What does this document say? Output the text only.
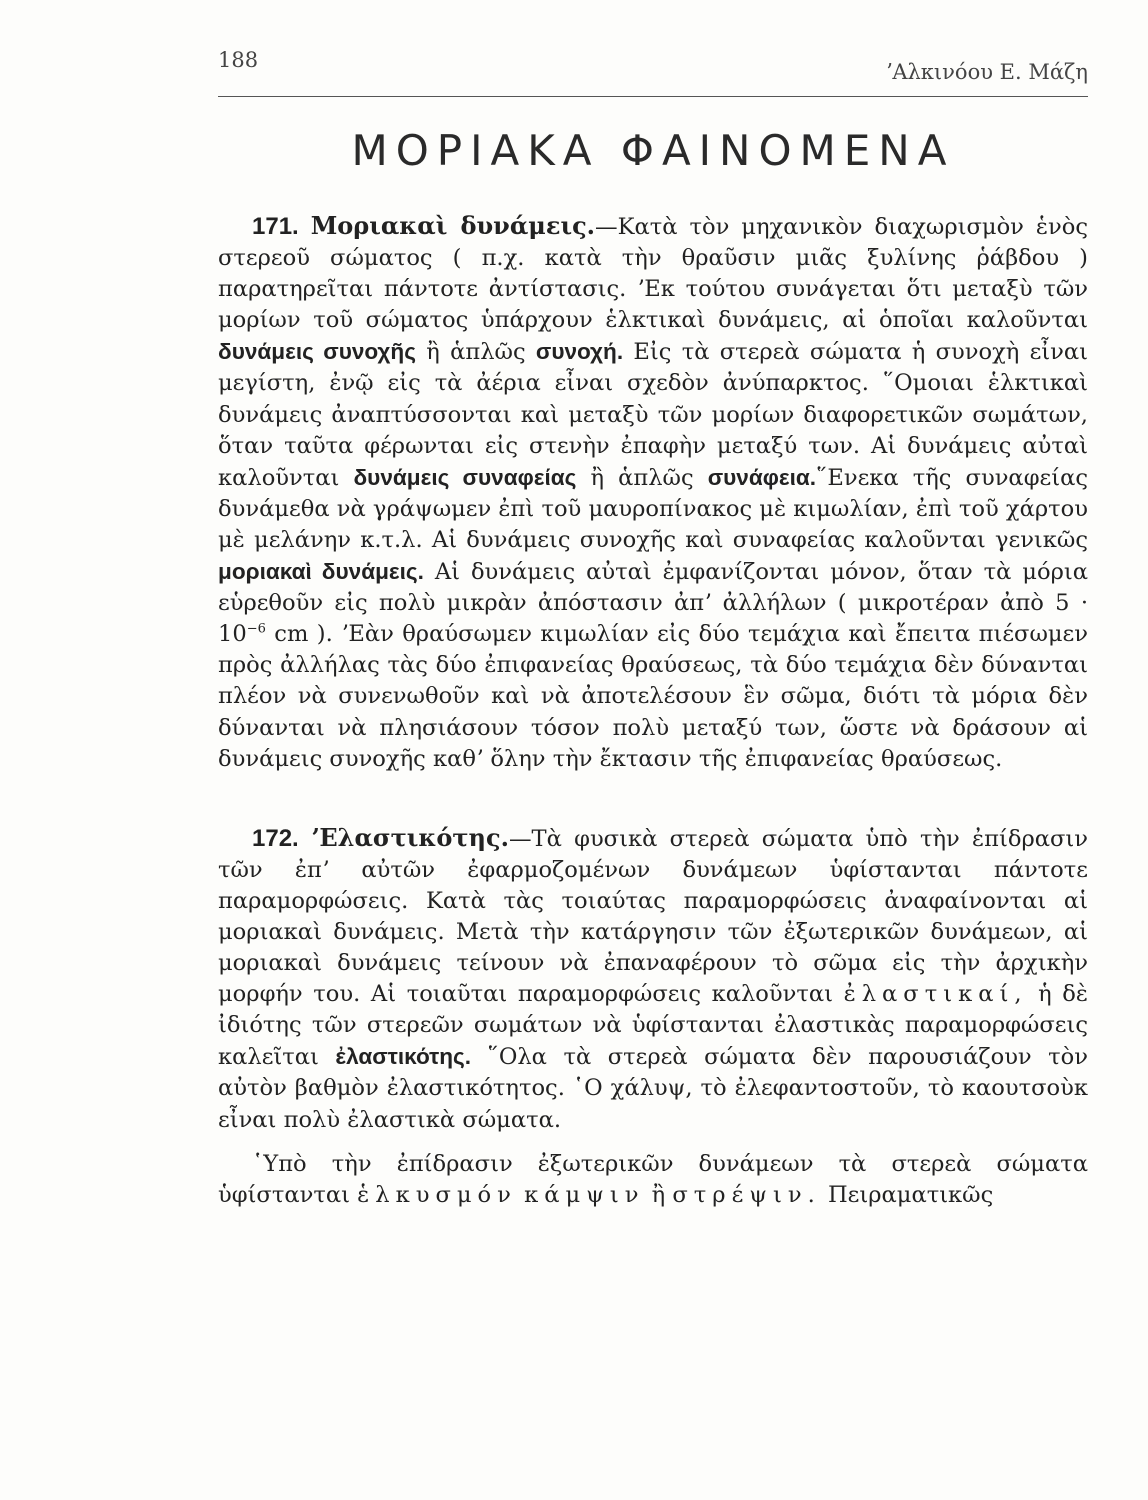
188	ʼΑλκινόου Ε. Μάζη
ΜΟΡΙΑΚΑ ΦΑΙΝΟΜΕΝΑ

171. Μοριακαὶ δυνάμεις.—Κατὰ τὸν μηχανικὸν διαχωρισμὸν ἑνὸς στερεοῦ σώματος ( π.χ. κατὰ τὴν θραῦσιν μιᾶς ξυλίνης ῥάβδου ) παρατηρεῖται πάντοτε ἀντίστασις. ʼΕκ τούτου συνάγεται ὅτι μεταξὺ τῶν μορίων τοῦ σώματος ὑπάρχουν ἑλκτικαὶ δυνάμεις, αἱ ὁποῖαι καλοῦνται δυνάμεις συνοχῆς ἢ ἁπλῶς συνοχή. Εἰς τὰ στερεὰ σώματα ἡ συνοχὴ εἶναι μεγίστη, ἐνῷ εἰς τὰ ἀέρια εἶναι σχεδὸν ἀνύπαρκτος. ῞Ομοιαι ἑλκτικαὶ δυνάμεις ἀναπτύσσονται καὶ μεταξὺ τῶν μορίων διαφορετικῶν σωμάτων, ὅταν ταῦτα φέρωνται εἰς στενὴν ἐπαφὴν μεταξύ των. Αἱ δυνάμεις αὐταὶ καλοῦνται δυνάμεις συναφείας ἢ ἁπλῶς συνάφεια.῞Ενεκα τῆς συναφείας δυνάμεθα νὰ γράψωμεν ἐπὶ τοῦ μαυροπίνακος μὲ κιμωλίαν, ἐπὶ τοῦ χάρτου μὲ μελάνην κ.τ.λ. Αἱ δυνάμεις συνοχῆς καὶ συναφείας καλοῦνται γενικῶς μοριακαὶ δυνάμεις. Αἱ δυνάμεις αὐταὶ ἐμφανίζονται μόνον, ὅταν τὰ μόρια εὑρεθοῦν εἰς πολὺ μικρὰν ἀπόστασιν ἀπʼ ἀλλήλων ( μικροτέραν ἀπὸ $5 \cdot 10^{-6}$ cm ). ʼΕὰν θραύσωμεν κιμωλίαν εἰς δύο τεμάχια καὶ ἔπειτα πιέσωμεν πρὸς ἀλλήλας τὰς δύο ἐπιφανείας θραύσεως, τὰ δύο τεμάχια δὲν δύνανται πλέον νὰ συνενωθοῦν καὶ νὰ ἀποτελέσουν ἓν σῶμα, διότι τὰ μόρια δὲν δύνανται νὰ πλησιάσουν τόσον πολὺ μεταξύ των, ὥστε νὰ δράσουν αἱ δυνάμεις συνοχῆς καθʼ ὅλην τὴν ἔκτασιν τῆς ἐπιφανείας θραύσεως.

172. ʼΕλαστικότης.—Τὰ φυσικὰ στερεὰ σώματα ὑπὸ τὴν ἐπίδρασιν τῶν ἐπʼ αὐτῶν ἐφαρμοζομένων δυνάμεων ὑφίστανται πάντοτε παραμορφώσεις. Κατὰ τὰς τοιαύτας παραμορφώσεις ἀναφαίνονται αἱ μοριακαὶ δυνάμεις. Μετὰ τὴν κατάργησιν τῶν ἐξωτερικῶν δυνάμεων, αἱ μοριακαὶ δυνάμεις τείνουν νὰ ἐπαναφέρουν τὸ σῶμα εἰς τὴν ἀρχικὴν μορφήν του. Αἱ τοιαῦται παραμορφώσεις καλοῦνται ἐλαστικαί, ἡ δὲ ἰδιότης τῶν στερεῶν σωμάτων νὰ ὑφίστανται ἐλαστικὰς παραμορφώσεις καλεῖται ἐλαστικότης. ῞Ολα τὰ στερεὰ σώματα δὲν παρουσιάζουν τὸν αὐτὸν βαθμὸν ἐλαστικότητος. ῾Ο χάλυψ, τὸ ἐλεφαντοστοῦν, τὸ καουτσοὺκ εἶναι πολὺ ἐλαστικὰ σώματα.

῾Υπὸ τὴν ἐπίδρασιν ἐξωτερικῶν δυνάμεων τὰ στερεὰ σώματα ὑφίστανται ἑλκυσμόν κάμψιν ἢ στρέψιν. Πειραματικῶς
